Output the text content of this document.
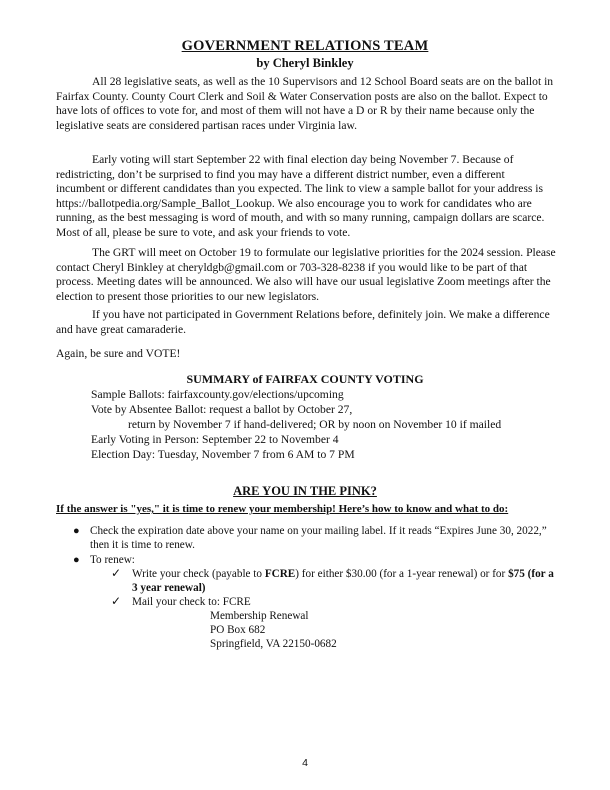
GOVERNMENT RELATIONS TEAM
by Cheryl Binkley

All 28 legislative seats, as well as the 10 Supervisors and 12 School Board seats are on the ballot in Fairfax County. County Court Clerk and Soil & Water Conservation posts are also on the ballot. Expect to have lots of offices to vote for, and most of them will not have a D or R by their name because only the legislative seats are considered partisan races under Virginia law.

Early voting will start September 22 with final election day being November 7. Because of redistricting, don’t be surprised to find you may have a different district number, even a different incumbent or different candidates than you expected. The link to view a sample ballot for your address is https://ballotpedia.org/Sample_Ballot_Lookup. We also encourage you to work for candidates who are running, as the best messaging is word of mouth, and with so many running, campaign dollars are scarce. Most of all, please be sure to vote, and ask your friends to vote.

The GRT will meet on October 19 to formulate our legislative priorities for the 2024 session. Please contact Cheryl Binkley at cheryldgb@gmail.com or 703-328-8238 if you would like to be part of that process. Meeting dates will be announced. We also will have our usual legislative Zoom meetings after the election to present those priorities to our new legislators.

If you have not participated in Government Relations before, definitely join. We make a difference and have great camaraderie.

Again, be sure and VOTE!

SUMMARY of FAIRFAX COUNTY VOTING
Sample Ballots: fairfaxcounty.gov/elections/upcoming
Vote by Absentee Ballot: request a ballot by October 27,
return by November 7 if hand-delivered; OR by noon on November 10 if mailed
Early Voting in Person: September 22 to November 4
Election Day: Tuesday, November 7 from 6 AM to 7 PM
ARE YOU IN THE PINK?
If the answer is "yes," it is time to renew your membership! Here’s how to know and what to do:
● Check the expiration date above your name on your mailing label. If it reads “Expires June 30, 2022,” then it is time to renew.
● To renew:
✓ Write your check (payable to FCRE) for either $30.00 (for a 1-year renewal) or for $75 (for a 3 year renewal)
✓ Mail your check to: FCRE
Membership Renewal
PO Box 682
Springfield, VA 22150-0682
4
